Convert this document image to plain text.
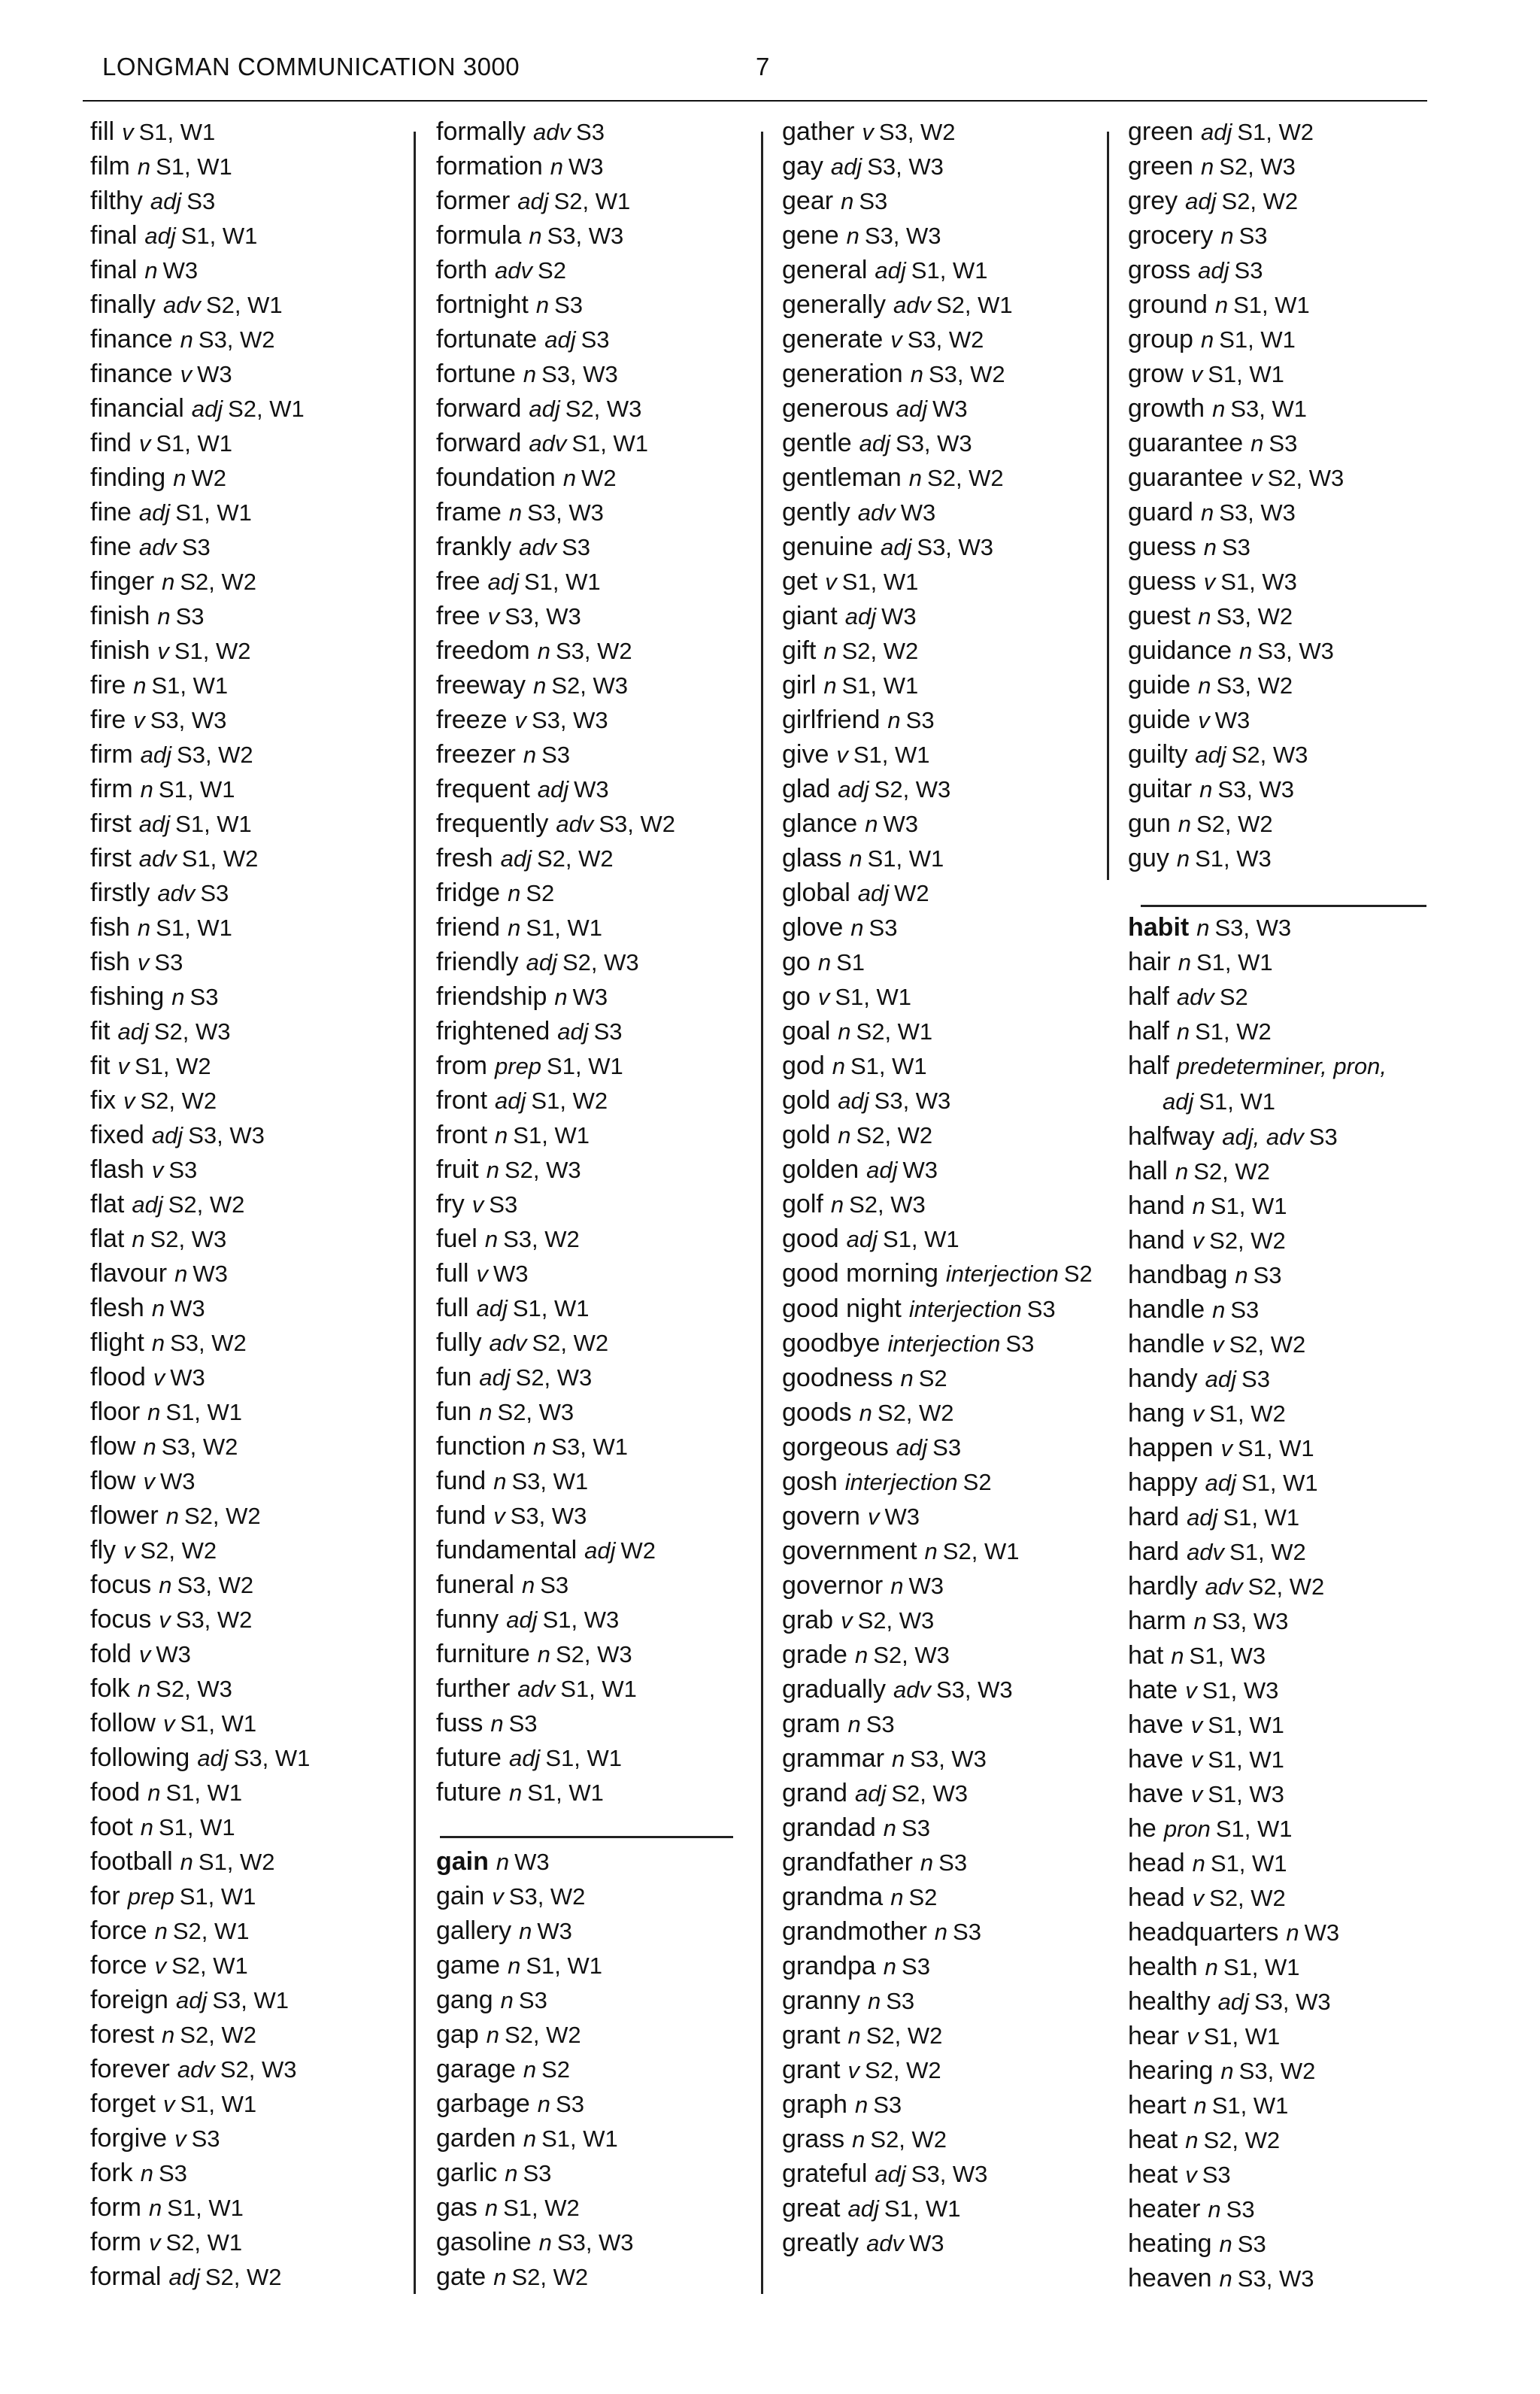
LONGMAN COMMUNICATION 3000	7
fill v S1, W1
film n S1, W1
filthy adj S3
final adj S1, W1
final n W3
finally adv S2, W1
finance n S3, W2
finance v W3
financial adj S2, W1
find v S1, W1
finding n W2
fine adj S1, W1
fine adv S3
finger n S2, W2
finish n S3
finish v S1, W2
fire n S1, W1
fire v S3, W3
firm adj S3, W2
firm n S1, W1
first adj S1, W1
first adv S1, W2
firstly adv S3
fish n S1, W1
fish v S3
fishing n S3
fit adj S2, W3
fit v S1, W2
fix v S2, W2
fixed adj S3, W3
flash v S3
flat adj S2, W2
flat n S2, W3
flavour n W3
flesh n W3
flight n S3, W2
flood v W3
floor n S1, W1
flow n S3, W2
flow v W3
flower n S2, W2
fly v S2, W2
focus n S3, W2
focus v S3, W2
fold v W3
folk n S2, W3
follow v S1, W1
following adj S3, W1
food n S1, W1
foot n S1, W1
football n S1, W2
for prep S1, W1
force n S2, W1
force v S2, W1
foreign adj S3, W1
forest n S2, W2
forever adv S2, W3
forget v S1, W1
forgive v S3
fork n S3
form n S1, W1
form v S2, W1
formal adj S2, W2
formally adv S3
formation n W3
former adj S2, W1
formula n S3, W3
forth adv S2
fortnight n S3
fortunate adj S3
fortune n S3, W3
forward adj S2, W3
forward adv S1, W1
foundation n W2
frame n S3, W3
frankly adv S3
free adj S1, W1
free v S3, W3
freedom n S3, W2
freeway n S2, W3
freeze v S3, W3
freezer n S3
frequent adj W3
frequently adv S3, W2
fresh adj S2, W2
fridge n S2
friend n S1, W1
friendly adj S2, W3
friendship n W3
frightened adj S3
from prep S1, W1
front adj S1, W2
front n S1, W1
fruit n S2, W3
fry v S3
fuel n S3, W2
full v W3
full adj S1, W1
fully adv S2, W2
fun adj S2, W3
fun n S2, W3
function n S3, W1
fund n S3, W1
fund v S3, W3
fundamental adj W2
funeral n S3
funny adj S1, W3
furniture n S2, W3
further adv S1, W1
fuss n S3
future adj S1, W1
future n S1, W1
gain n W3
gain v S3, W2
gallery n W3
game n S1, W1
gang n S3
gap n S2, W2
garage n S2
garbage n S3
garden n S1, W1
garlic n S3
gas n S1, W2
gasoline n S3, W3
gate n S2, W2
gather v S3, W2
gay adj S3, W3
gear n S3
gene n S3, W3
general adj S1, W1
generally adv S2, W1
generate v S3, W2
generation n S3, W2
generous adj W3
gentle adj S3, W3
gentleman n S2, W2
gently adv W3
genuine adj S3, W3
get v S1, W1
giant adj W3
gift n S2, W2
girl n S1, W1
girlfriend n S3
give v S1, W1
glad adj S2, W3
glance n W3
glass n S1, W1
global adj W2
glove n S3
go n S1
go v S1, W1
goal n S2, W1
god n S1, W1
gold adj S3, W3
gold n S2, W2
golden adj W3
golf n S2, W3
good adj S1, W1
good morning interjection S2
good night interjection S3
goodbye interjection S3
goodness n S2
goods n S2, W2
gorgeous adj S3
gosh interjection S2
govern v W3
government n S2, W1
governor n W3
grab v S2, W3
grade n S2, W3
gradually adv S3, W3
gram n S3
grammar n S3, W3
grand adj S2, W3
grandad n S3
grandfather n S3
grandma n S2
grandmother n S3
grandpa n S3
granny n S3
grant n S2, W2
grant v S2, W2
graph n S3
grass n S2, W2
grateful adj S3, W3
great adj S1, W1
greatly adv W3
green adj S1, W2
green n S2, W3
grey adj S2, W2
grocery n S3
gross adj S3
ground n S1, W1
group n S1, W1
grow v S1, W1
growth n S3, W1
guarantee n S3
guarantee v S2, W3
guard n S3, W3
guess n S3
guess v S1, W3
guest n S3, W2
guidance n S3, W3
guide n S3, W2
guide v W3
guilty adj S2, W3
guitar n S3, W3
gun n S2, W2
guy n S1, W3
habit n S3, W3
hair n S1, W1
half adv S2
half n S1, W2
half predeterminer, pron, adj S1, W1
halfway adj, adv S3
hall n S2, W2
hand n S1, W1
hand v S2, W2
handbag n S3
handle n S3
handle v S2, W2
handy adj S3
hang v S1, W2
happen v S1, W1
happy adj S1, W1
hard adj S1, W1
hard adv S1, W2
hardly adv S2, W2
harm n S3, W3
hat n S1, W3
hate v S1, W3
have v S1, W1
have v S1, W1
have v S1, W3
he pron S1, W1
head n S1, W1
head v S2, W2
headquarters n W3
health n S1, W1
healthy adj S3, W3
hear v S1, W1
hearing n S3, W2
heart n S1, W1
heat n S2, W2
heat v S3
heater n S3
heating n S3
heaven n S3, W3
